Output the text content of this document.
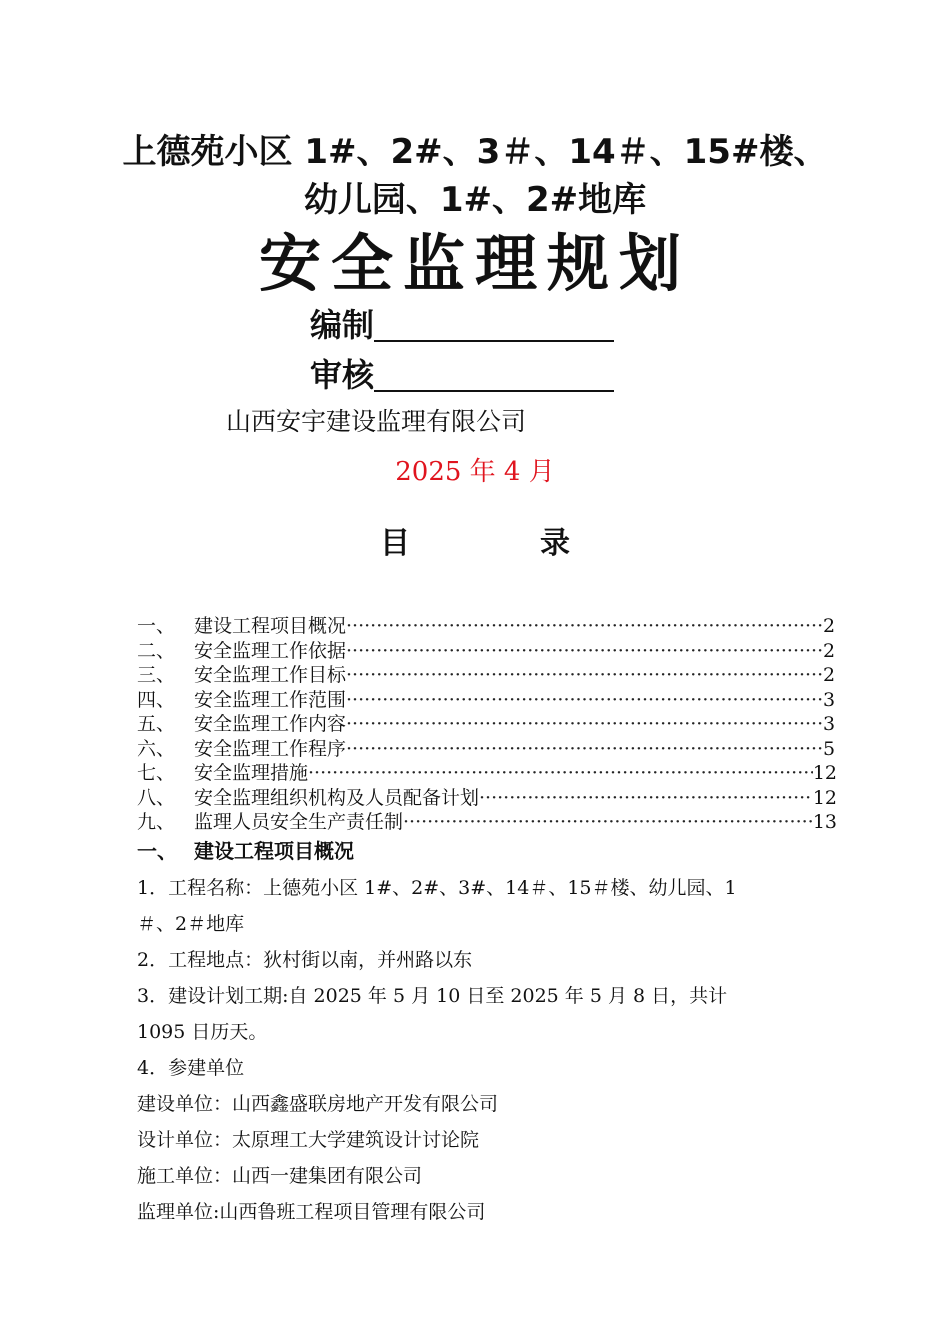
上德苑小区 1#、2#、3＃、14＃、15#楼、
幼儿园、1#、2#地库
安全监理规划
编制
审核
山西安宇建设监理有限公司
2025 年 4 月
目	录
一、 建设工程项目概况 ·····	2
二、 安全监理工作依据 ·····	2
三、 安全监理工作目标 ·····	2
四、 安全监理工作范围 ·····	3
五、 安全监理工作内容 ·····	3
六、 安全监理工作程序 ·····	5
七、 安全监理措施 ·····	12
八、 安全监理组织机构及人员配备计划 ·····	12
九、 监理人员安全生产责任制 ·····	13
一、 建设工程项目概况
1．工程名称：上德苑小区 1#、2#、3#、14＃、15＃楼、幼儿园、1
＃、2＃地库
2．工程地点：狄村街以南，并州路以东
3．建设计划工期:自 2025 年 5 月 10 日至 2025 年 5 月 8 日，共计
1095 日历天。
4．参建单位
建设单位：山西鑫盛联房地产开发有限公司
设计单位：太原理工大学建筑设计讨论院
施工单位：山西一建集团有限公司
监理单位:山西鲁班工程项目管理有限公司
